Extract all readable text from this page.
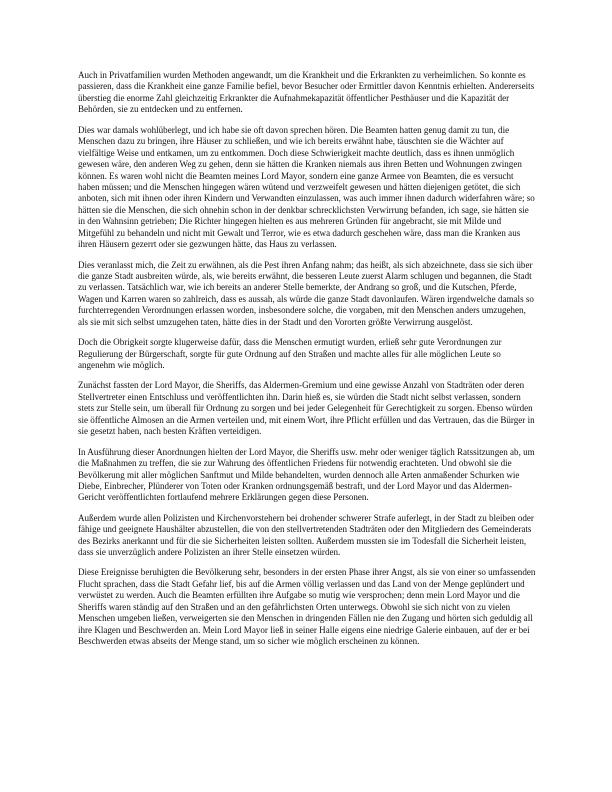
Auch in Privatfamilien wurden Methoden angewandt, um die Krankheit und die Erkrankten zu verheimlichen. So konnte es passieren, dass die Krankheit eine ganze Familie befiel, bevor Besucher oder Ermittler davon Kenntnis erhielten. Andererseits überstieg die enorme Zahl gleichzeitig Erkrankter die Aufnahmekapazität öffentlicher Pesthäuser und die Kapazität der Behörden, sie zu entdecken und zu entfernen.

Dies war damals wohlüberlegt, und ich habe sie oft davon sprechen hören. Die Beamten hatten genug damit zu tun, die Menschen dazu zu bringen, ihre Häuser zu schließen, und wie ich bereits erwähnt habe, täuschten sie die Wächter auf vielfältige Weise und entkamen, um zu entkommen. Doch diese Schwierigkeit machte deutlich, dass es ihnen unmöglich gewesen wäre, den anderen Weg zu gehen, denn sie hätten die Kranken niemals aus ihren Betten und Wohnungen zwingen können. Es waren wohl nicht die Beamten meines Lord Mayor, sondern eine ganze Armee von Beamten, die es versucht haben müssen; und die Menschen hingegen wären wütend und verzweifelt gewesen und hätten diejenigen getötet, die sich anboten, sich mit ihnen oder ihren Kindern und Verwandten einzulassen, was auch immer ihnen dadurch widerfahren wäre; so hätten sie die Menschen, die sich ohnehin schon in der denkbar schrecklichsten Verwirrung befanden, ich sage, sie hätten sie in den Wahnsinn getrieben; Die Richter hingegen hielten es aus mehreren Gründen für angebracht, sie mit Milde und Mitgefühl zu behandeln und nicht mit Gewalt und Terror, wie es etwa dadurch geschehen wäre, dass man die Kranken aus ihren Häusern gezerrt oder sie gezwungen hätte, das Haus zu verlassen.

Dies veranlasst mich, die Zeit zu erwähnen, als die Pest ihren Anfang nahm; das heißt, als sich abzeichnete, dass sie sich über die ganze Stadt ausbreiten würde, als, wie bereits erwähnt, die besseren Leute zuerst Alarm schlugen und begannen, die Stadt zu verlassen. Tatsächlich war, wie ich bereits an anderer Stelle bemerkte, der Andrang so groß, und die Kutschen, Pferde, Wagen und Karren waren so zahlreich, dass es aussah, als würde die ganze Stadt davonlaufen. Wären irgendwelche damals so furchterregenden Verordnungen erlassen worden, insbesondere solche, die vorgaben, mit den Menschen anders umzugehen, als sie mit sich selbst umzugehen taten, hätte dies in der Stadt und den Vororten größte Verwirrung ausgelöst.

Doch die Obrigkeit sorgte klugerweise dafür, dass die Menschen ermutigt wurden, erließ sehr gute Verordnungen zur Regulierung der Bürgerschaft, sorgte für gute Ordnung auf den Straßen und machte alles für alle möglichen Leute so angenehm wie möglich.

Zunächst fassten der Lord Mayor, die Sheriffs, das Aldermen-Gremium und eine gewisse Anzahl von Stadträten oder deren Stellvertreter einen Entschluss und veröffentlichten ihn. Darin hieß es, sie würden die Stadt nicht selbst verlassen, sondern stets zur Stelle sein, um überall für Ordnung zu sorgen und bei jeder Gelegenheit für Gerechtigkeit zu sorgen. Ebenso würden sie öffentliche Almosen an die Armen verteilen und, mit einem Wort, ihre Pflicht erfüllen und das Vertrauen, das die Bürger in sie gesetzt haben, nach besten Kräften verteidigen.

In Ausführung dieser Anordnungen hielten der Lord Mayor, die Sheriffs usw. mehr oder weniger täglich Ratssitzungen ab, um die Maßnahmen zu treffen, die sie zur Wahrung des öffentlichen Friedens für notwendig erachteten. Und obwohl sie die Bevölkerung mit aller möglichen Sanftmut und Milde behandelten, wurden dennoch alle Arten anmaßender Schurken wie Diebe, Einbrecher, Plünderer von Toten oder Kranken ordnungsgemäß bestraft, und der Lord Mayor und das Aldermen-Gericht veröffentlichten fortlaufend mehrere Erklärungen gegen diese Personen.

Außerdem wurde allen Polizisten und Kirchenvorstehern bei drohender schwerer Strafe auferlegt, in der Stadt zu bleiben oder fähige und geeignete Haushälter abzustellen, die von den stellvertretenden Stadträten oder den Mitgliedern des Gemeinderats des Bezirks anerkannt und für die sie Sicherheiten leisten sollten. Außerdem mussten sie im Todesfall die Sicherheit leisten, dass sie unverzüglich andere Polizisten an ihrer Stelle einsetzen würden.

Diese Ereignisse beruhigten die Bevölkerung sehr, besonders in der ersten Phase ihrer Angst, als sie von einer so umfassenden Flucht sprachen, dass die Stadt Gefahr lief, bis auf die Armen völlig verlassen und das Land von der Menge geplündert und verwüstet zu werden. Auch die Beamten erfüllten ihre Aufgabe so mutig wie versprochen; denn mein Lord Mayor und die Sheriffs waren ständig auf den Straßen und an den gefährlichsten Orten unterwegs. Obwohl sie sich nicht von zu vielen Menschen umgeben ließen, verweigerten sie den Menschen in dringenden Fällen nie den Zugang und hörten sich geduldig all ihre Klagen und Beschwerden an. Mein Lord Mayor ließ in seiner Halle eigens eine niedrige Galerie einbauen, auf der er bei Beschwerden etwas abseits der Menge stand, um so sicher wie möglich erscheinen zu können.
